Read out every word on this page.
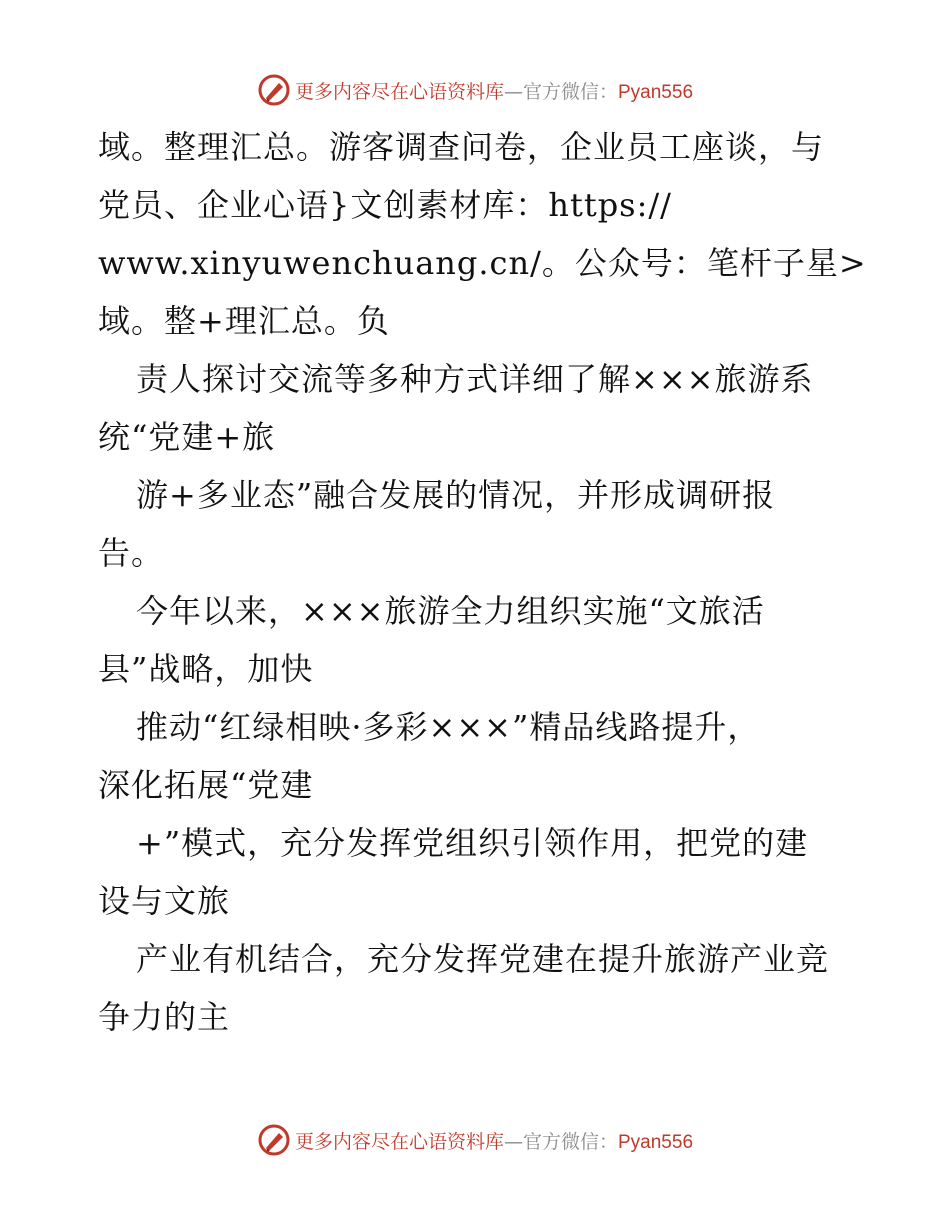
更多内容尽在心语资料库—官方微信：Pyan556
域。整理汇总。游客调查问卷，企业员工座谈，与
党员、企业心语}文创素材库：https://
www.xinyuwenchuang.cn/。公众号：笔杆子星>
域。整+理汇总。负
责人探讨交流等多种方式详细了解×××旅游系
统“党建+旅
游+多业态”融合发展的情况，并形成调研报
告。
今年以来，×××旅游全力组织实施“文旅活
县”战略，加快
推动“红绿相映·多彩×××”精品线路提升，
深化拓展“党建
+”模式，充分发挥党组织引领作用，把党的建
设与文旅
产业有机结合，充分发挥党建在提升旅游产业竞
争力的主
更多内容尽在心语资料库—官方微信：Pyan556
